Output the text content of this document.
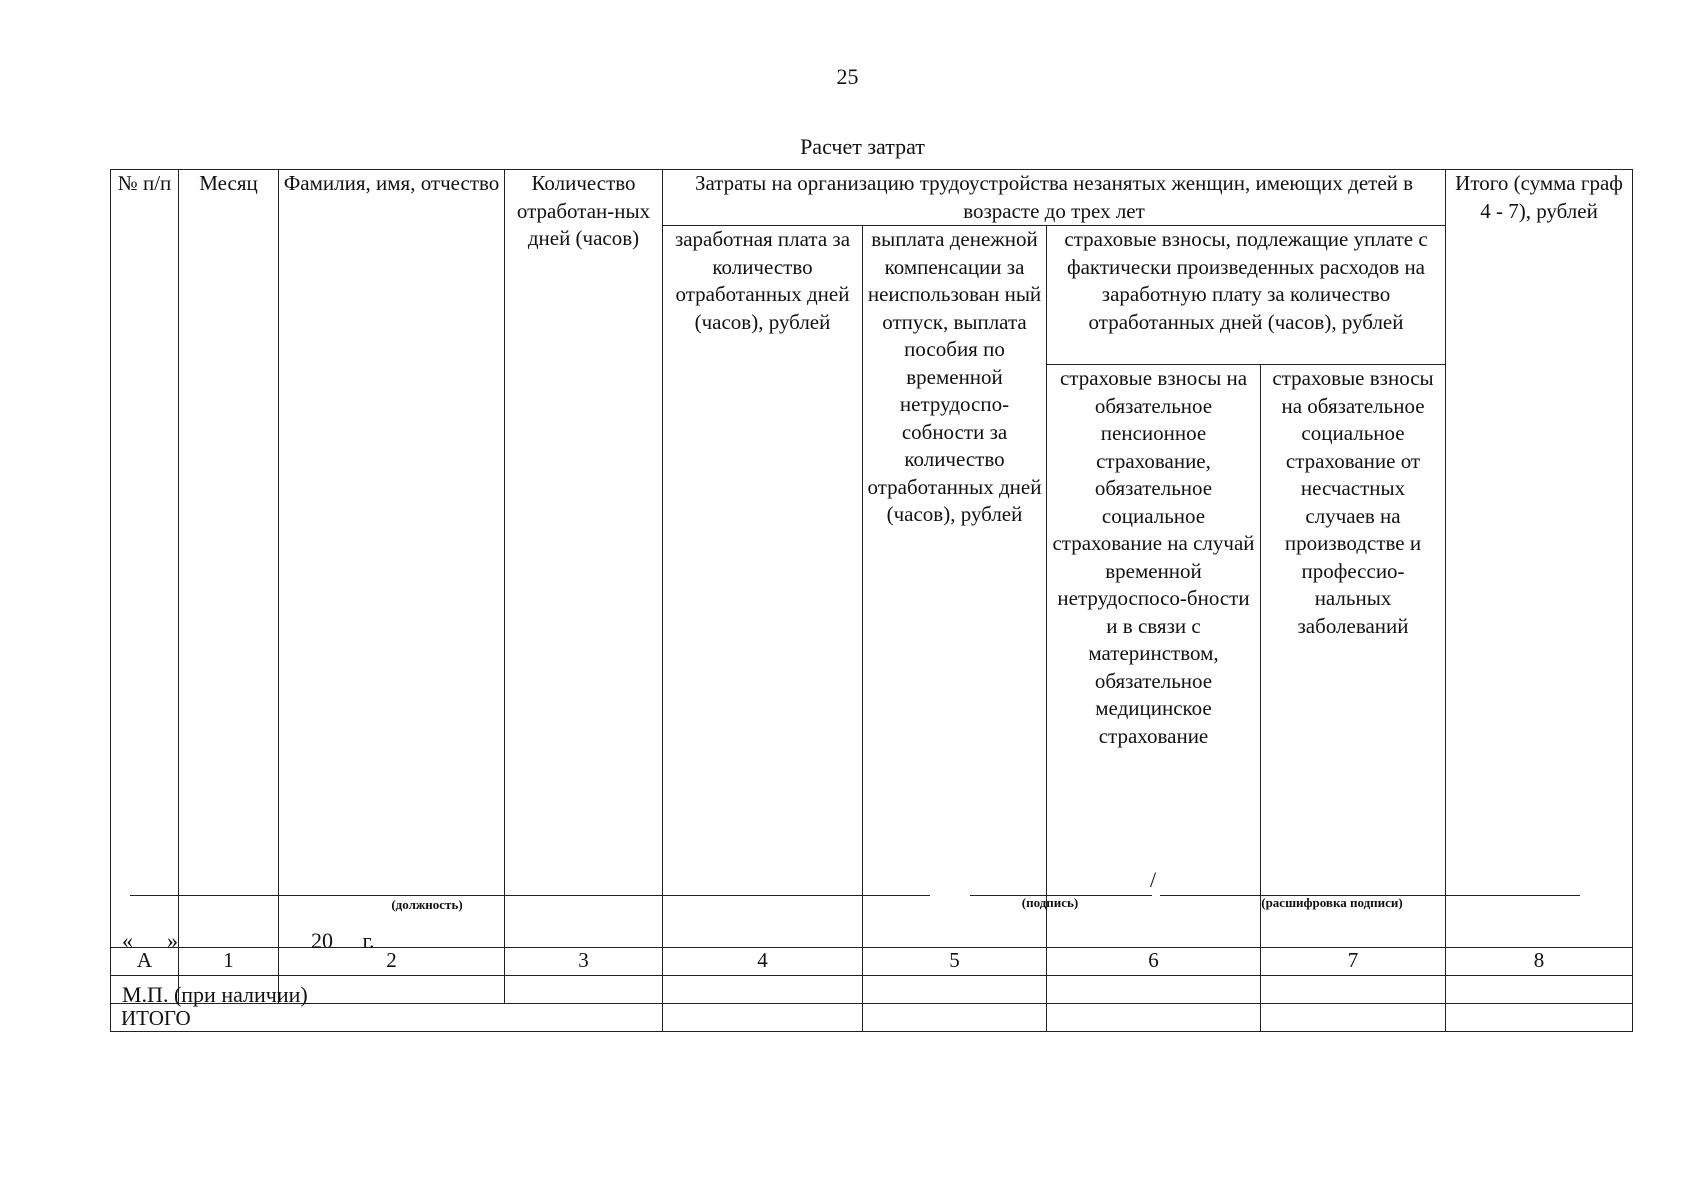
25
Расчет затрат
№ п/п	Месяц	Фамилия, имя, отчество	Количество отработан-ных дней (часов)	Затраты на организацию трудоустройства незанятых женщин, имеющих детей в возрасте до трех лет				Итого (сумма граф 4 - 7), рублей
				заработная плата за количество отработанных дней (часов), рублей	выплата денежной компенсации за неиспользован ный отпуск, выплата пособия по временной нетрудоспо-собности за количество отработанных дней (часов), рублей	страховые взносы, подлежащие уплате с фактически произведенных расходов на заработную плату за количество отработанных дней (часов), рублей		
						страховые взносы на обязательное пенсионное страхование, обязательное социальное страхование на случай временной нетрудоспосо-бности и в связи с материнством, обязательное медицинское страхование	страховые взносы на обязательное социальное страхование от несчастных случаев на производстве и профессио-нальных заболеваний	
А	1	2	3	4	5	6	7	8

ИТОГО								
(должность)
/
(подпись)	(расшифровка подписи)
« »	20 г.
М.П. (при наличии)
